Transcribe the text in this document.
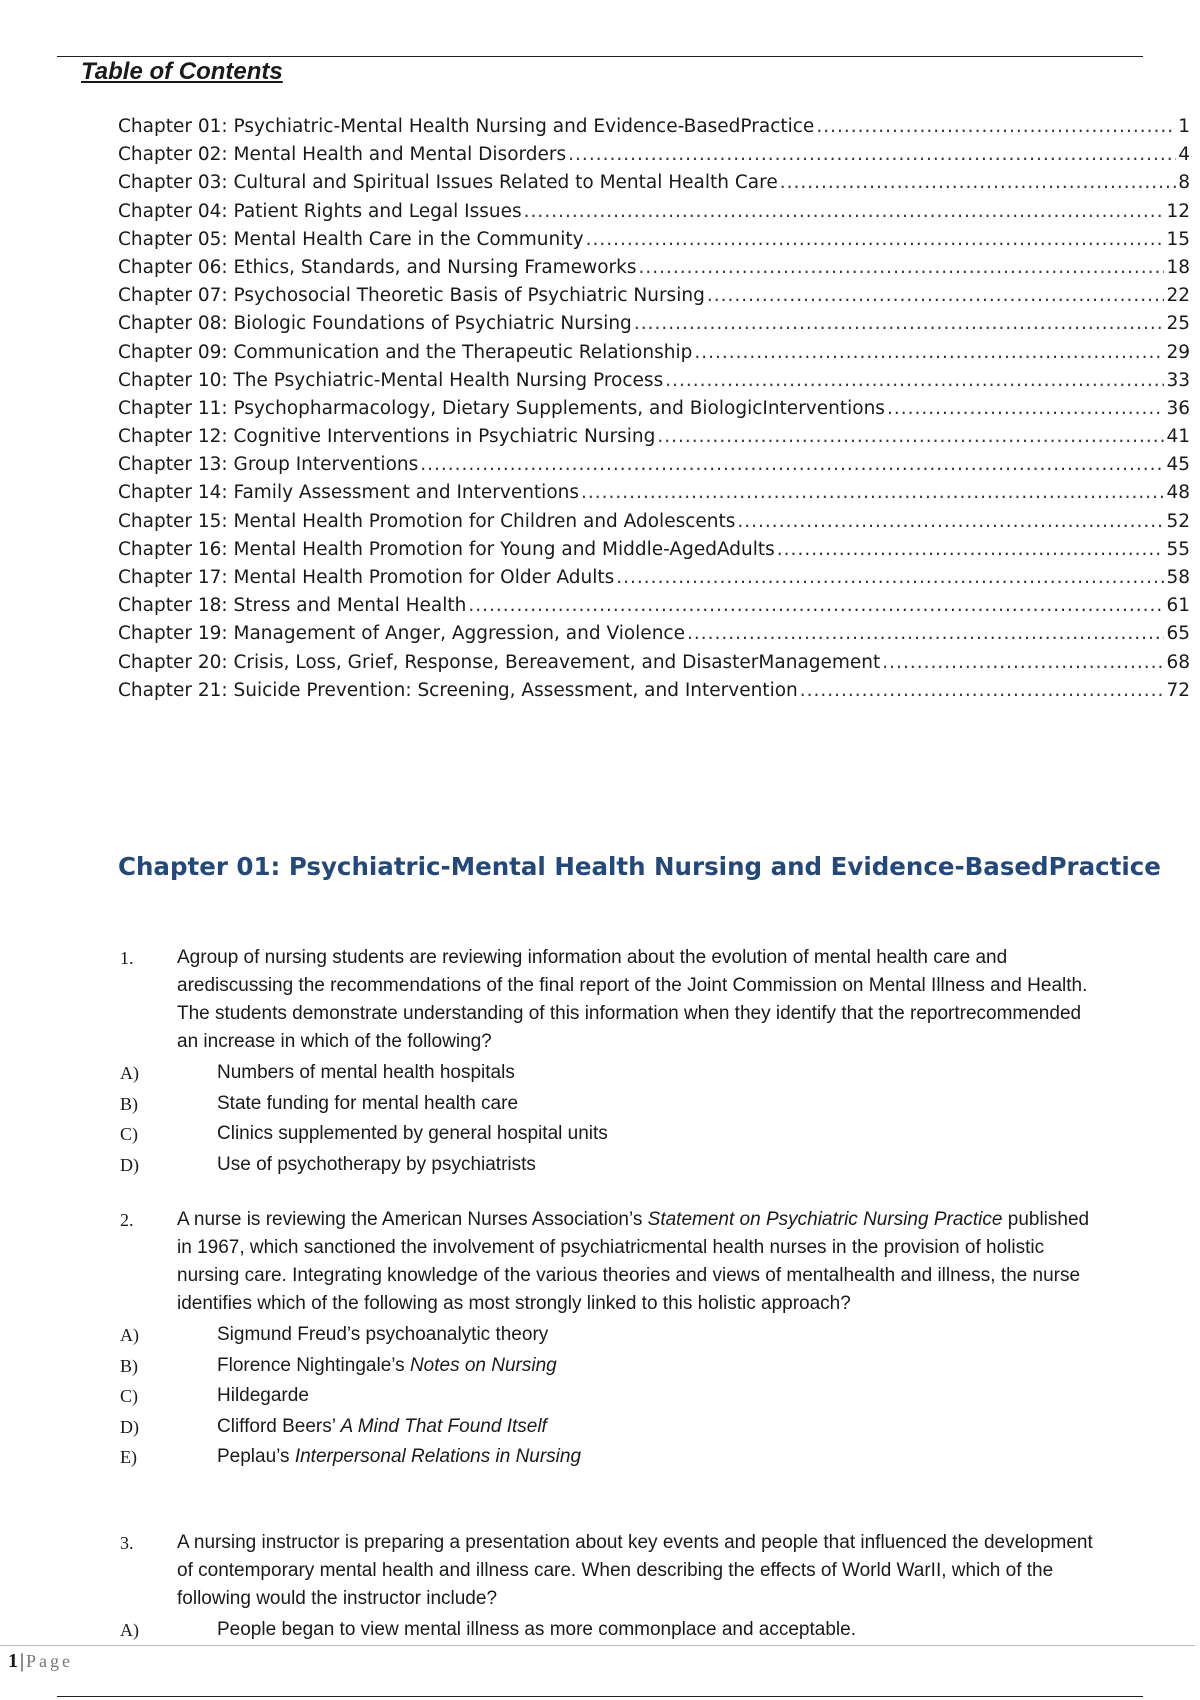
Table of Contents
Chapter 01: Psychiatric-Mental Health Nursing and Evidence-BasedPractice .....	1
Chapter 02: Mental Health and Mental Disorders .....	4
Chapter 03: Cultural and Spiritual Issues Related to Mental Health Care .....	8
Chapter 04: Patient Rights and Legal Issues .....	12
Chapter 05: Mental Health Care in the Community .....	15
Chapter 06: Ethics, Standards, and Nursing Frameworks .....	18
Chapter 07: Psychosocial Theoretic Basis of Psychiatric Nursing .....	22
Chapter 08: Biologic Foundations of Psychiatric Nursing .....	25
Chapter 09: Communication and the Therapeutic Relationship .....	29
Chapter 10: The Psychiatric-Mental Health Nursing Process .....	33
Chapter 11: Psychopharmacology, Dietary Supplements, and BiologicInterventions .....	36
Chapter 12: Cognitive Interventions in Psychiatric Nursing .....	41
Chapter 13: Group Interventions .....	45
Chapter 14: Family Assessment and Interventions .....	48
Chapter 15: Mental Health Promotion for Children and Adolescents .....	52
Chapter 16: Mental Health Promotion for Young and Middle-AgedAdults .....	55
Chapter 17: Mental Health Promotion for Older Adults .....	58
Chapter 18: Stress and Mental Health .....	61
Chapter 19: Management of Anger, Aggression, and Violence .....	65
Chapter 20: Crisis, Loss, Grief, Response, Bereavement, and DisasterManagement .....	68
Chapter 21: Suicide Prevention: Screening, Assessment, and Intervention .....	72
Chapter 01: Psychiatric-Mental Health Nursing and Evidence-BasedPractice
1. Agroup of nursing students are reviewing information about the evolution of mental health care and arediscussing the recommendations of the final report of the Joint Commission on Mental Illness and Health. The students demonstrate understanding of this information when they identify that the reportrecommended an increase in which of the following?
A)	Numbers of mental health hospitals
B)	State funding for mental health care
C)	Clinics supplemented by general hospital units
D)	Use of psychotherapy by psychiatrists
2. A nurse is reviewing the American Nurses Association’s Statement on Psychiatric Nursing Practice published in 1967, which sanctioned the involvement of psychiatricmental health nurses in the provision of holistic nursing care. Integrating knowledge of the various theories and views of mentalhealth and illness, the nurse identifies which of the following as most strongly linked to this holistic approach?
A)	Sigmund Freud’s psychoanalytic theory
B)	Florence Nightingale’s Notes on Nursing
C)	Hildegarde
D)	Clifford Beers’ A Mind That Found Itself
E)	Peplau’s Interpersonal Relations in Nursing
3. A nursing instructor is preparing a presentation about key events and people that influenced the development of contemporary mental health and illness care. When describing the effects of World WarII, which of the following would the instructor include?
A)	People began to view mental illness as more commonplace and acceptable.
1 | Page
